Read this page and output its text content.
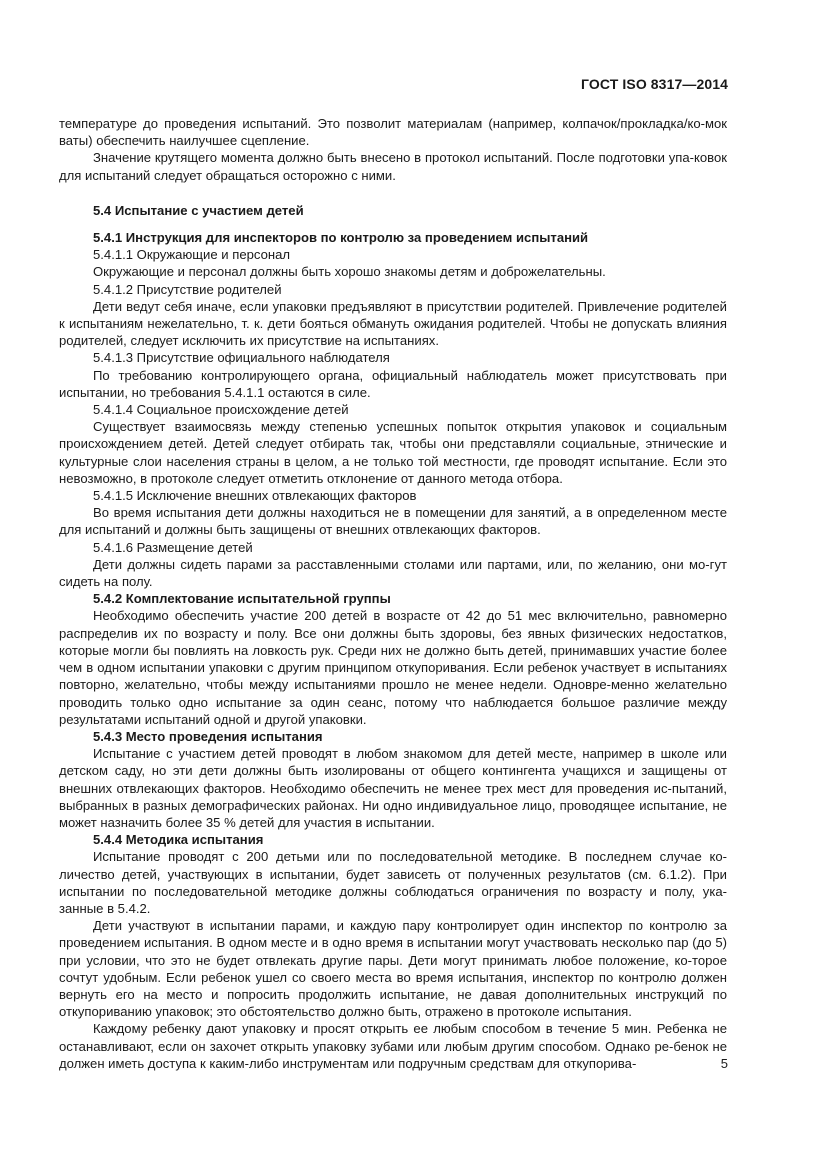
ГОСТ ISO 8317—2014
температуре до проведения испытаний. Это позволит материалам (например, колпачок/прокладка/ко-мок ваты) обеспечить наилучшее сцепление.
Значение крутящего момента должно быть внесено в протокол испытаний. После подготовки упа-ковок для испытаний следует обращаться осторожно с ними.
5.4 Испытание с участием детей
5.4.1 Инструкция для инспекторов по контролю за проведением испытаний
5.4.1.1 Окружающие и персонал
Окружающие и персонал должны быть хорошо знакомы детям и доброжелательны.
5.4.1.2 Присутствие родителей
Дети ведут себя иначе, если упаковки предъявляют в присутствии родителей. Привлечение родителей к испытаниям нежелательно, т. к. дети бояться обмануть ожидания родителей. Чтобы не допускать влияния родителей, следует исключить их присутствие на испытаниях.
5.4.1.3 Присутствие официального наблюдателя
По требованию контролирующего органа, официальный наблюдатель может присутствовать при испытании, но требования 5.4.1.1 остаются в силе.
5.4.1.4 Социальное происхождение детей
Существует взаимосвязь между степенью успешных попыток открытия упаковок и социальным происхождением детей. Детей следует отбирать так, чтобы они представляли социальные, этнические и культурные слои населения страны в целом, а не только той местности, где проводят испытание. Если это невозможно, в протоколе следует отметить отклонение от данного метода отбора.
5.4.1.5 Исключение внешних отвлекающих факторов
Во время испытания дети должны находиться не в помещении для занятий, а в определенном месте для испытаний и должны быть защищены от внешних отвлекающих факторов.
5.4.1.6 Размещение детей
Дети должны сидеть парами за расставленными столами или партами, или, по желанию, они мо-гут сидеть на полу.
5.4.2 Комплектование испытательной группы
Необходимо обеспечить участие 200 детей в возрасте от 42 до 51 мес включительно, равномерно распределив их по возрасту и полу. Все они должны быть здоровы, без явных физических недостатков, которые могли бы повлиять на ловкость рук. Среди них не должно быть детей, принимавших участие более чем в одном испытании упаковки с другим принципом откупоривания. Если ребенок участвует в испытаниях повторно, желательно, чтобы между испытаниями прошло не менее недели. Одновре-менно желательно проводить только одно испытание за один сеанс, потому что наблюдается большое различие между результатами испытаний одной и другой упаковки.
5.4.3 Место проведения испытания
Испытание с участием детей проводят в любом знакомом для детей месте, например в школе или детском саду, но эти дети должны быть изолированы от общего контингента учащихся и защищены от внешних отвлекающих факторов. Необходимо обеспечить не менее трех мест для проведения ис-пытаний, выбранных в разных демографических районах. Ни одно индивидуальное лицо, проводящее испытание, не может назначить более 35 % детей для участия в испытании.
5.4.4 Методика испытания
Испытание проводят с 200 детьми или по последовательной методике. В последнем случае ко-личество детей, участвующих в испытании, будет зависеть от полученных результатов (см. 6.1.2). При испытании по последовательной методике должны соблюдаться ограничения по возрасту и полу, ука-занные в 5.4.2.
Дети участвуют в испытании парами, и каждую пару контролирует один инспектор по контролю за проведением испытания. В одном месте и в одно время в испытании могут участвовать несколько пар (до 5) при условии, что это не будет отвлекать другие пары. Дети могут принимать любое положение, ко-торое сочтут удобным. Если ребенок ушел со своего места во время испытания, инспектор по контролю должен вернуть его на место и попросить продолжить испытание, не давая дополнительных инструкций по откупориванию упаковок; это обстоятельство должно быть, отражено в протоколе испытания.
Каждому ребенку дают упаковку и просят открыть ее любым способом в течение 5 мин. Ребенка не останавливают, если он захочет открыть упаковку зубами или любым другим способом. Однако ре-бенок не должен иметь доступа к каким-либо инструментам или подручным средствам для откупорива-	5
